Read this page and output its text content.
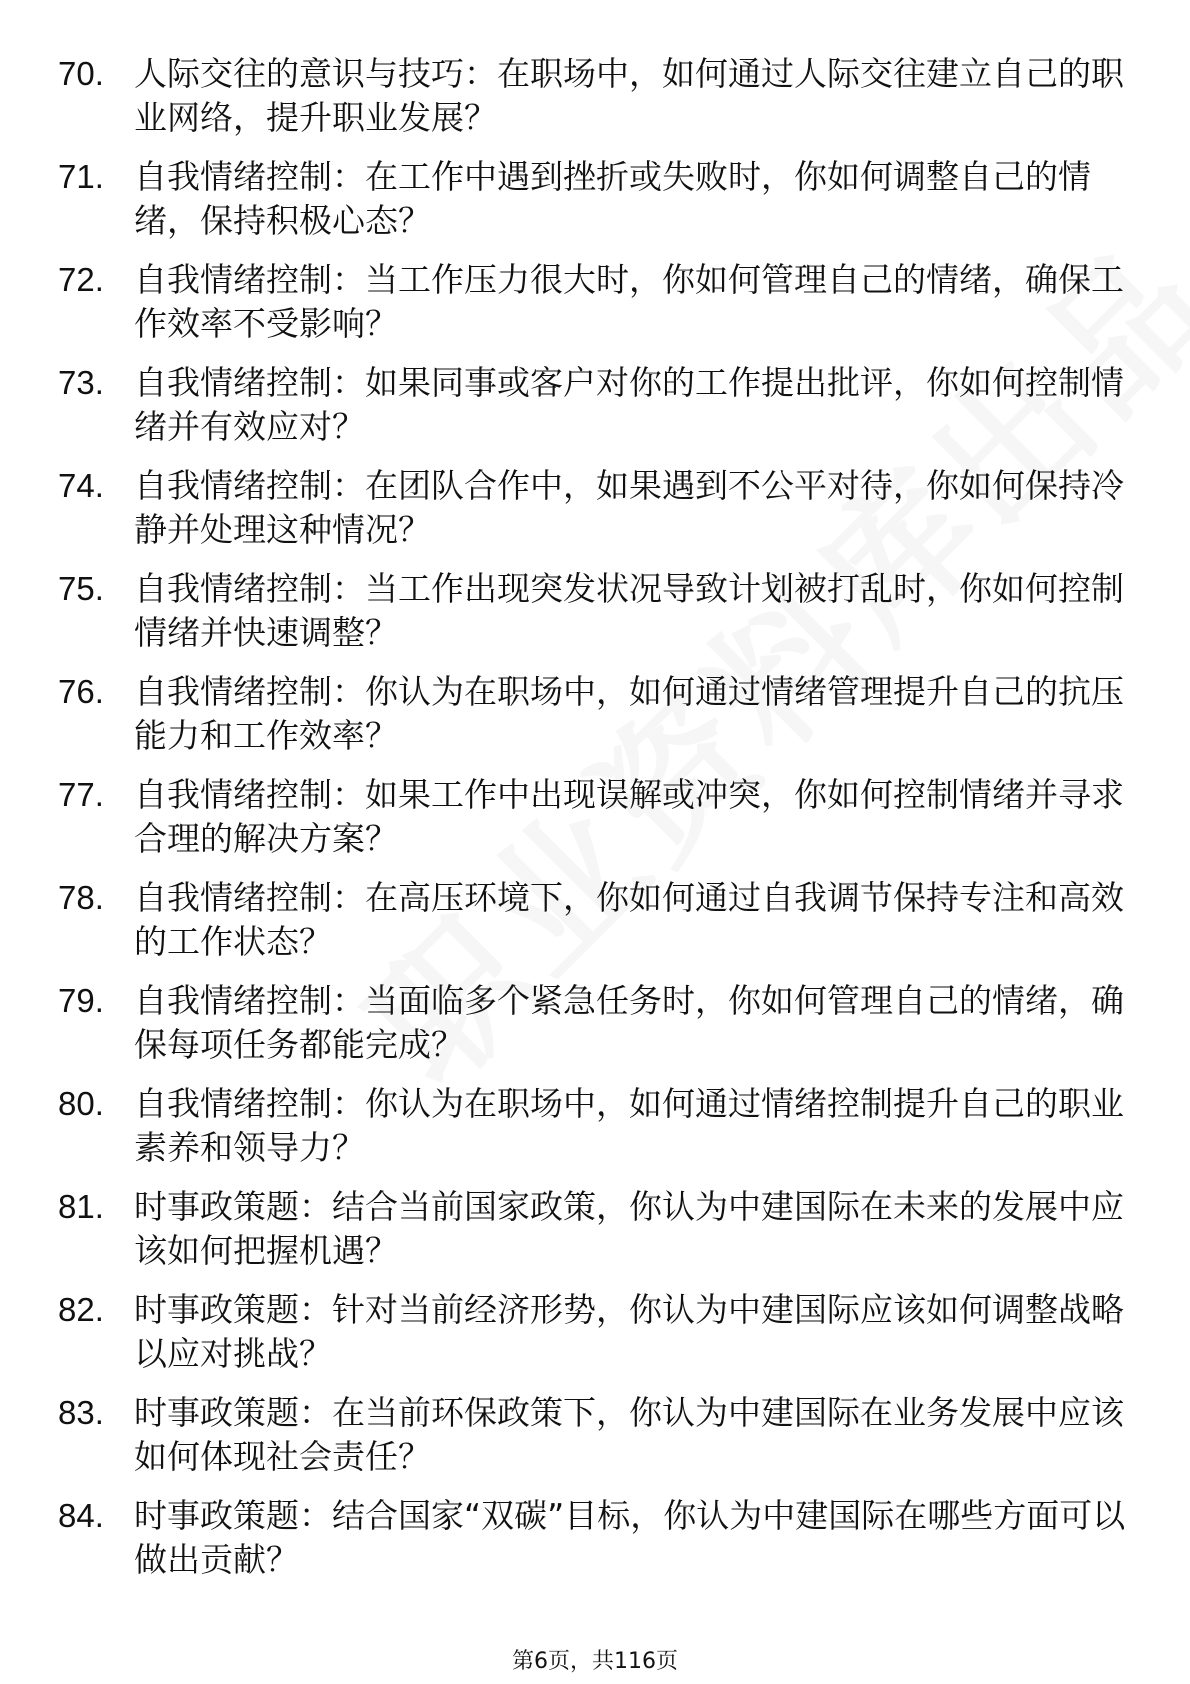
70. 人际交往的意识与技巧：在职场中，如何通过人际交往建立自己的职业网络，提升职业发展？
71. 自我情绪控制：在工作中遇到挫折或失败时，你如何调整自己的情绪，保持积极心态？
72. 自我情绪控制：当工作压力很大时，你如何管理自己的情绪，确保工作效率不受影响？
73. 自我情绪控制：如果同事或客户对你的工作提出批评，你如何控制情绪并有效应对？
74. 自我情绪控制：在团队合作中，如果遇到不公平对待，你如何保持冷静并处理这种情况？
75. 自我情绪控制：当工作出现突发状况导致计划被打乱时，你如何控制情绪并快速调整？
76. 自我情绪控制：你认为在职场中，如何通过情绪管理提升自己的抗压能力和工作效率？
77. 自我情绪控制：如果工作中出现误解或冲突，你如何控制情绪并寻求合理的解决方案？
78. 自我情绪控制：在高压环境下，你如何通过自我调节保持专注和高效的工作状态？
79. 自我情绪控制：当面临多个紧急任务时，你如何管理自己的情绪，确保每项任务都能完成？
80. 自我情绪控制：你认为在职场中，如何通过情绪控制提升自己的职业素养和领导力？
81. 时事政策题：结合当前国家政策，你认为中建国际在未来的发展中应该如何把握机遇？
82. 时事政策题：针对当前经济形势，你认为中建国际应该如何调整战略以应对挑战？
83. 时事政策题：在当前环保政策下，你认为中建国际在业务发展中应该如何体现社会责任？
84. 时事政策题：结合国家“双碳”目标，你认为中建国际在哪些方面可以做出贡献？
第6页，共116页
